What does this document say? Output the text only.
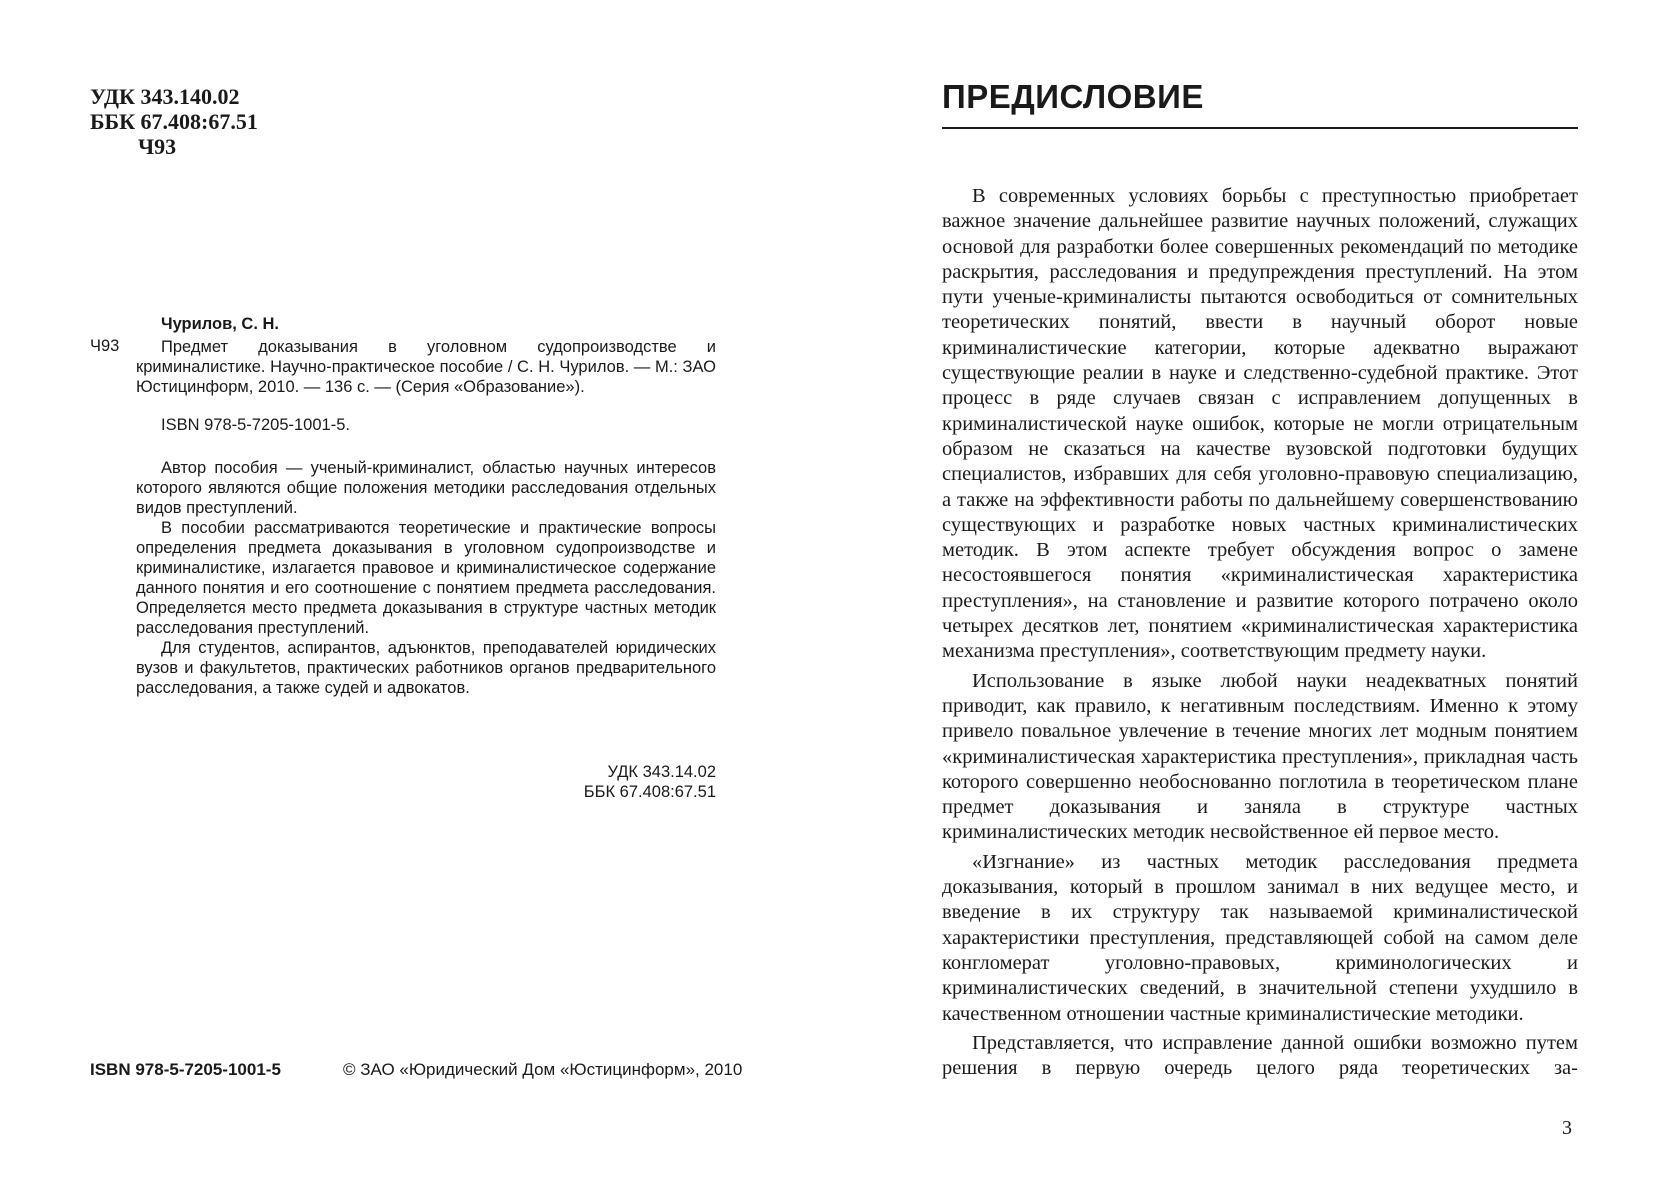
УДК 343.140.02
ББК 67.408:67.51
Ч93
Чурилов, С. Н.
Ч93	Предмет доказывания в уголовном судопроизводстве и криминалистике. Научно-практическое пособие / С. Н. Чурилов. — М.: ЗАО Юстицинформ, 2010. — 136 с. — (Серия «Образование»).

ISBN 978-5-7205-1001-5.

Автор пособия — ученый-криминалист, областью научных интересов которого являются общие положения методики расследования отдельных видов преступлений.

В пособии рассматриваются теоретические и практические вопросы определения предмета доказывания в уголовном судопроизводстве и криминалистике, излагается правовое и криминалистическое содержание данного понятия и его соотношение с понятием предмета расследования. Определяется место предмета доказывания в структуре частных методик расследования преступлений.

Для студентов, аспирантов, адъюнктов, преподавателей юридических вузов и факультетов, практических работников органов предварительного расследования, а также судей и адвокатов.

УДК 343.14.02
ББК 67.408:67.51
ISBN 978-5-7205-1001-5	© ЗАО «Юридический Дом «Юстицинформ», 2010
ПРЕДИСЛОВИЕ

В современных условиях борьбы с преступностью приобретает важное значение дальнейшее развитие научных положений, служащих основой для разработки более совершенных рекомендаций по методике раскрытия, расследования и предупреждения преступлений. На этом пути ученые-криминалисты пытаются освободиться от сомнительных теоретических понятий, ввести в научный оборот новые криминалистические категории, которые адекватно выражают существующие реалии в науке и следственно-судебной практике. Этот процесс в ряде случаев связан с исправлением допущенных в криминалистической науке ошибок, которые не могли отрицательным образом не сказаться на качестве вузовской подготовки будущих специалистов, избравших для себя уголовно-правовую специализацию, а также на эффективности работы по дальнейшему совершенствованию существующих и разработке новых частных криминалистических методик. В этом аспекте требует обсуждения вопрос о замене несостоявшегося понятия «криминалистическая характеристика преступления», на становление и развитие которого потрачено около четырех десятков лет, понятием «криминалистическая характеристика механизма преступления», соответствующим предмету науки.

Использование в языке любой науки неадекватных понятий приводит, как правило, к негативным последствиям. Именно к этому привело повальное увлечение в течение многих лет модным понятием «криминалистическая характеристика преступления», прикладная часть которого совершенно необоснованно поглотила в теоретическом плане предмет доказывания и заняла в структуре частных криминалистических методик несвойственное ей первое место.

«Изгнание» из частных методик расследования предмета доказывания, который в прошлом занимал в них ведущее место, и введение в их структуру так называемой криминалистической характеристики преступления, представляющей собой на самом деле конгломерат уголовно-правовых, криминологических и криминалистических сведений, в значительной степени ухудшило в качественном отношении частные криминалистические методики.

Представляется, что исправление данной ошибки возможно путем решения в первую очередь целого ряда теоретических за-

3
